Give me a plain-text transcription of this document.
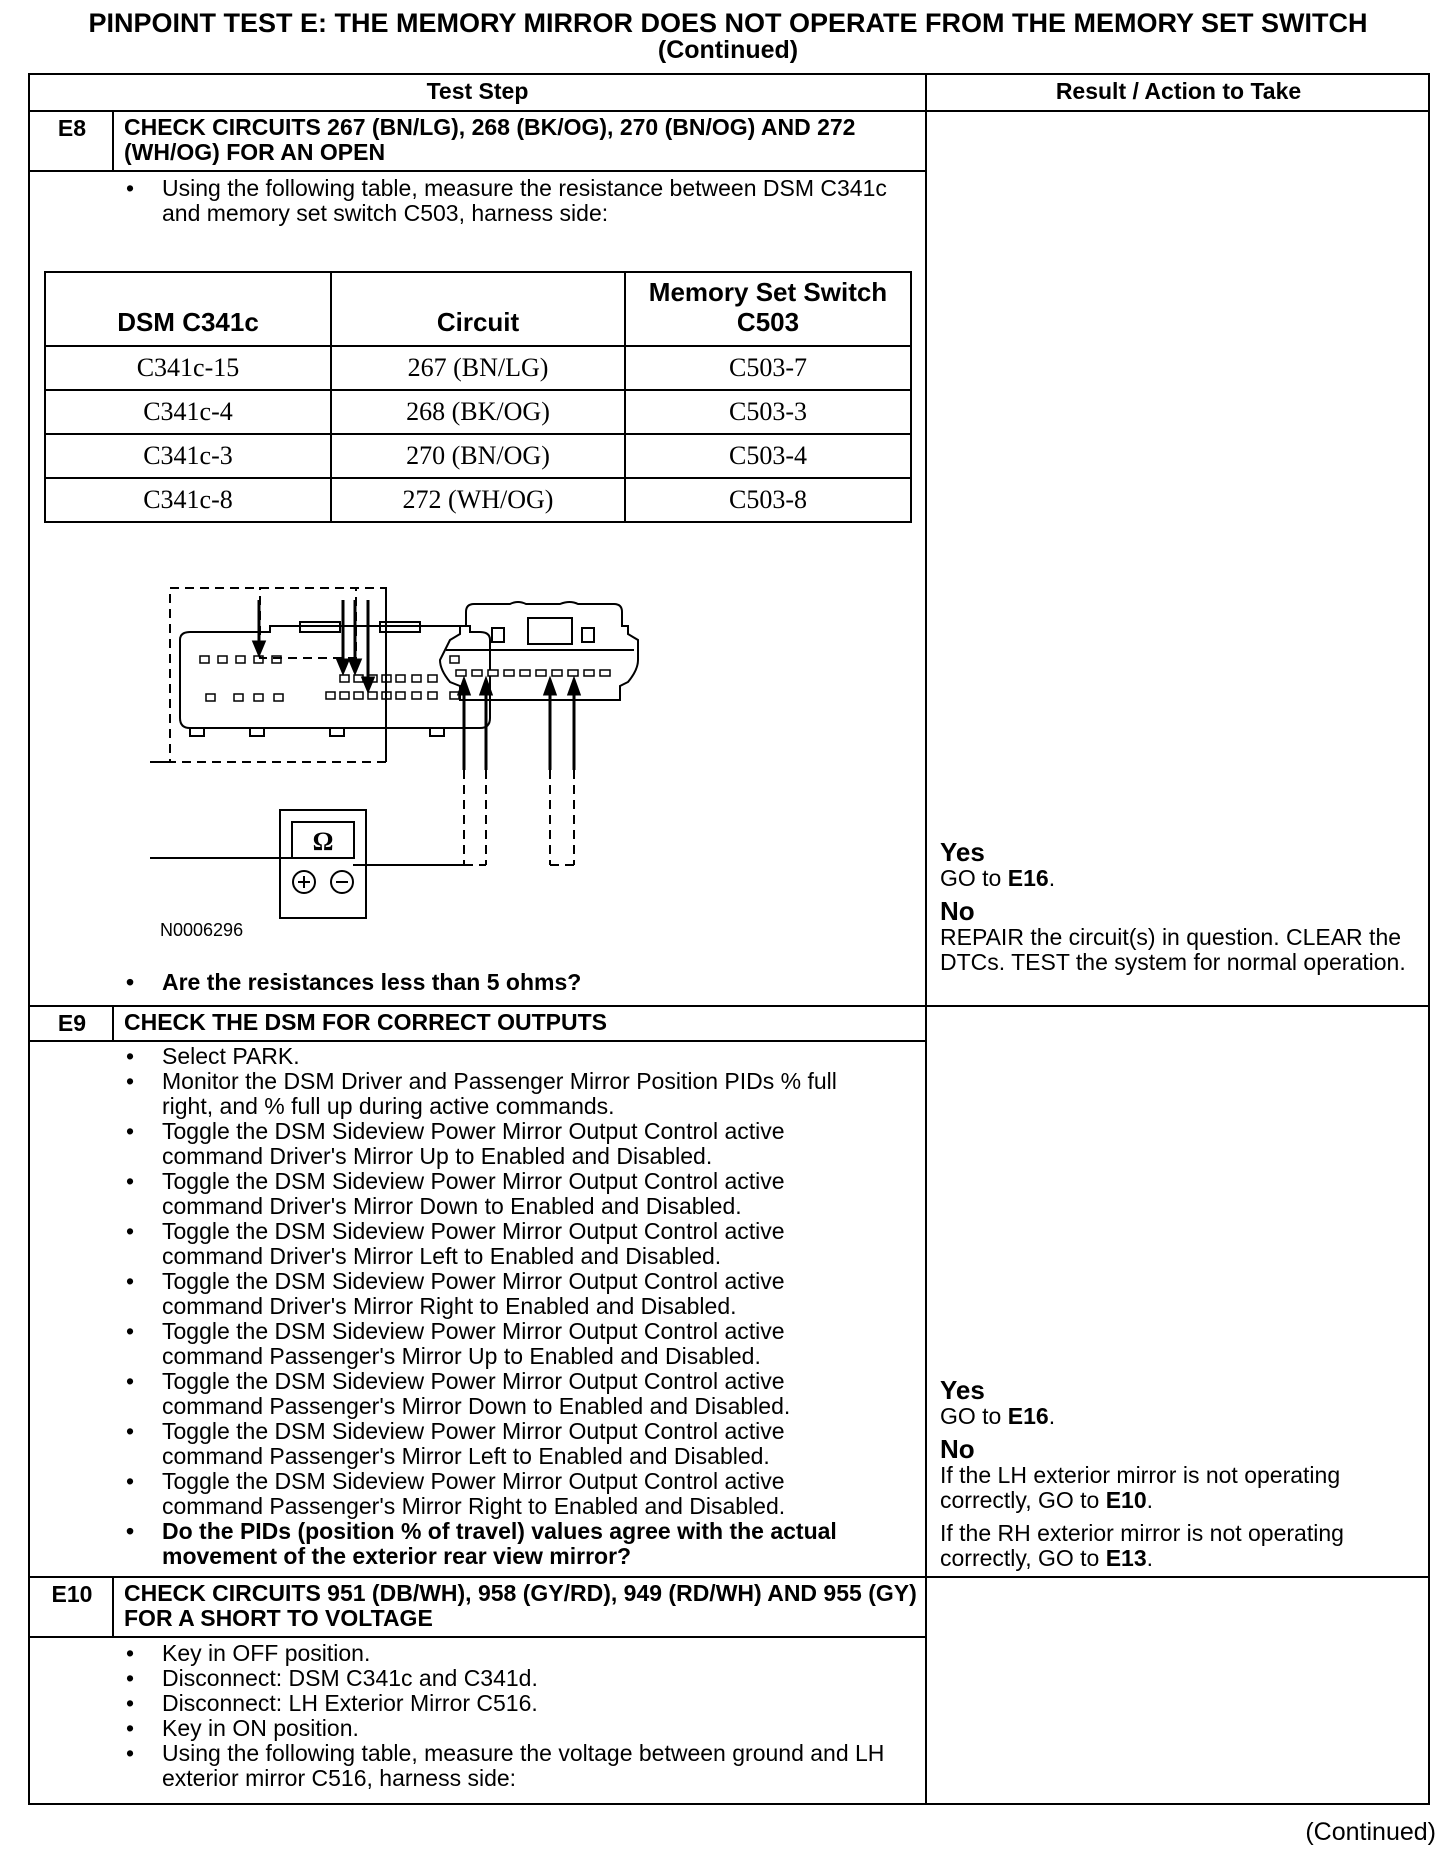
PINPOINT TEST E: THE MEMORY MIRROR DOES NOT OPERATE FROM THE MEMORY SET SWITCH
(Continued)
Test Step	Result / Action to Take
E8	CHECK CIRCUITS 267 (BN/LG), 268 (BK/OG), 270 (BN/OG) AND 272 (WH/OG) FOR AN OPEN
• Using the following table, measure the resistance between DSM C341c and memory set switch C503, harness side:
DSM C341c	Circuit	Memory Set Switch C503
C341c-15	267 (BN/LG)	C503-7
C341c-4	268 (BK/OG)	C503-3
C341c-3	270 (BN/OG)	C503-4
C341c-8	272 (WH/OG)	C503-8
Ω
N0006296
• Are the resistances less than 5 ohms?
Yes

GO to E16.

No

REPAIR the circuit(s) in question. CLEAR the DTCs. TEST the system for normal operation.

E9	CHECK THE DSM FOR CORRECT OUTPUTS
• Select PARK.
• Monitor the DSM Driver and Passenger Mirror Position PIDs % full right, and % full up during active commands.
• Toggle the DSM Sideview Power Mirror Output Control active command Driver's Mirror Up to Enabled and Disabled.
• Toggle the DSM Sideview Power Mirror Output Control active command Driver's Mirror Down to Enabled and Disabled.
• Toggle the DSM Sideview Power Mirror Output Control active command Driver's Mirror Left to Enabled and Disabled.
• Toggle the DSM Sideview Power Mirror Output Control active command Driver's Mirror Right to Enabled and Disabled.
• Toggle the DSM Sideview Power Mirror Output Control active command Passenger's Mirror Up to Enabled and Disabled.
• Toggle the DSM Sideview Power Mirror Output Control active command Passenger's Mirror Down to Enabled and Disabled.
• Toggle the DSM Sideview Power Mirror Output Control active command Passenger's Mirror Left to Enabled and Disabled.
• Toggle the DSM Sideview Power Mirror Output Control active command Passenger's Mirror Right to Enabled and Disabled.
• Do the PIDs (position % of travel) values agree with the actual movement of the exterior rear view mirror?
Yes

GO to E16.

No

If the LH exterior mirror is not operating correctly, GO to E10.

If the RH exterior mirror is not operating correctly, GO to E13.

E10	CHECK CIRCUITS 951 (DB/WH), 958 (GY/RD), 949 (RD/WH) AND 955 (GY) FOR A SHORT TO VOLTAGE
• Key in OFF position.
• Disconnect: DSM C341c and C341d.
• Disconnect: LH Exterior Mirror C516.
• Key in ON position.
• Using the following table, measure the voltage between ground and LH exterior mirror C516, harness side:
(Continued)
